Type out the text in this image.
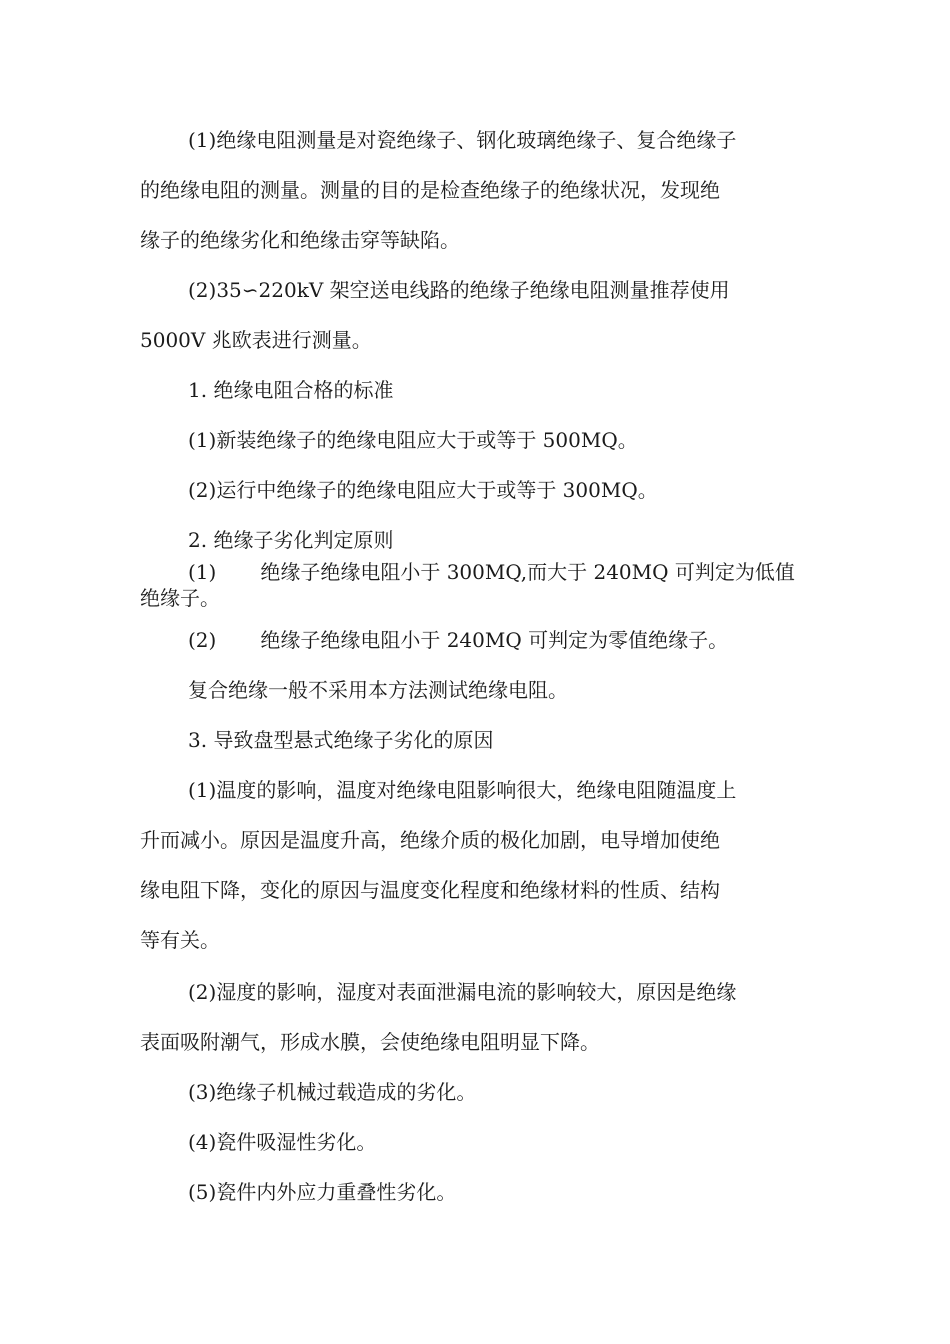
(1)绝缘电阻测量是对瓷绝缘子、钢化玻璃绝缘子、复合绝缘子
的绝缘电阻的测量。测量的目的是检查绝缘子的绝缘状况，发现绝
缘子的绝缘劣化和绝缘击穿等缺陷。
(2)35∽220kV 架空送电线路的绝缘子绝缘电阻测量推荐使用
5000V 兆欧表进行测量。
1. 绝缘电阻合格的标准
(1)新装绝缘子的绝缘电阻应大于或等于 500MQ。
(2)运行中绝缘子的绝缘电阻应大于或等于 300MQ。
2. 绝缘子劣化判定原则
(1) 绝缘子绝缘电阻小于 300MQ,而大于 240MQ 可判定为低值
绝缘子。
(2) 绝缘子绝缘电阻小于 240MQ 可判定为零值绝缘子。
复合绝缘一般不采用本方法测试绝缘电阻。
3. 导致盘型悬式绝缘子劣化的原因
(1)温度的影响，温度对绝缘电阻影响很大，绝缘电阻随温度上
升而减小。原因是温度升高，绝缘介质的极化加剧，电导增加使绝
缘电阻下降，变化的原因与温度变化程度和绝缘材料的性质、结构
等有关。
(2)湿度的影响，湿度对表面泄漏电流的影响较大，原因是绝缘
表面吸附潮气，形成水膜，会使绝缘电阻明显下降。
(3)绝缘子机械过载造成的劣化。
(4)瓷件吸湿性劣化。
(5)瓷件内外应力重叠性劣化。
